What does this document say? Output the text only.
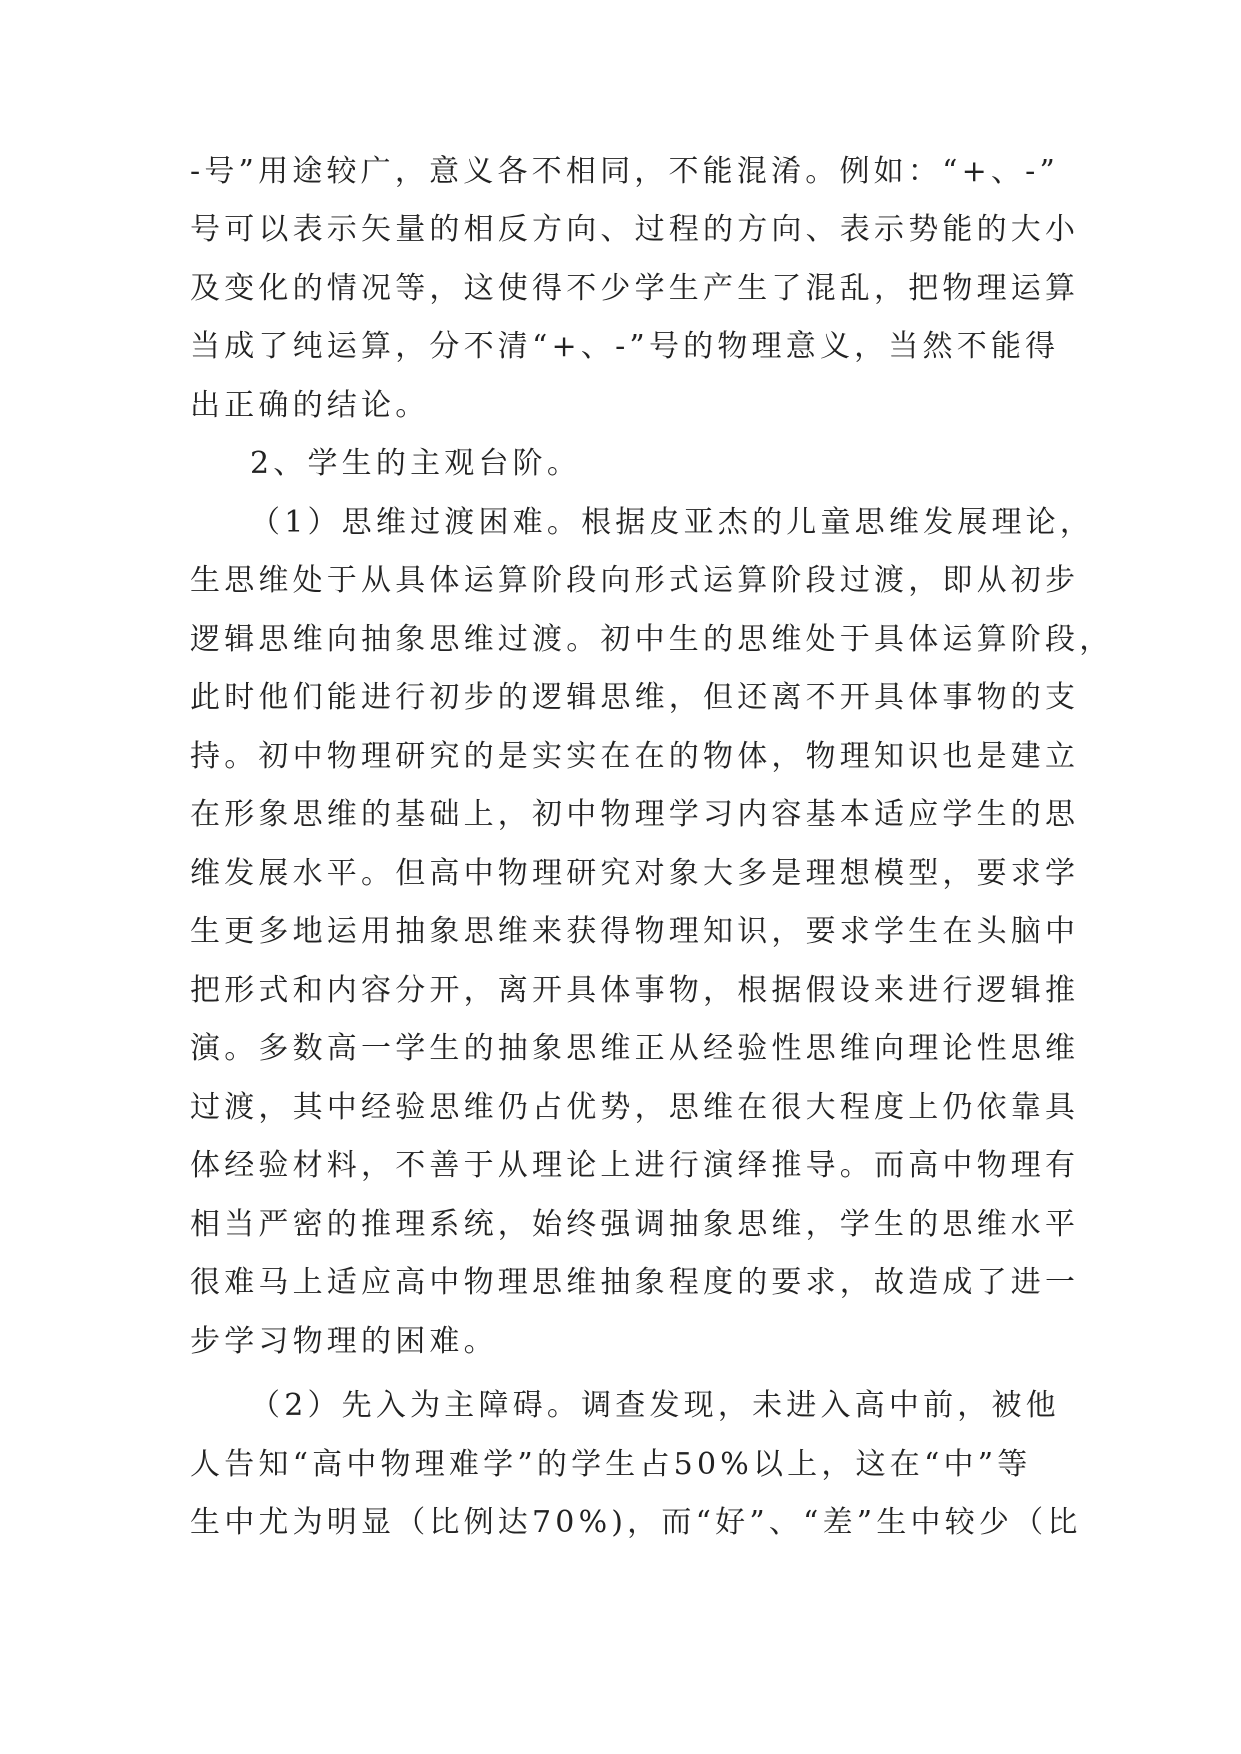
-号”用途较广，意义各不相同，不能混淆。例如：“+、-”
号可以表示矢量的相反方向、过程的方向、表示势能的大小
及变化的情况等，这使得不少学生产生了混乱，把物理运算
当成了纯运算，分不清“+、-”号的物理意义，当然不能得
出正确的结论。
2、学生的主观台阶。
（1）思维过渡困难。根据皮亚杰的儿童思维发展理论，
生思维处于从具体运算阶段向形式运算阶段过渡，即从初步
逻辑思维向抽象思维过渡。初中生的思维处于具体运算阶段，
此时他们能进行初步的逻辑思维，但还离不开具体事物的支
持。初中物理研究的是实实在在的物体，物理知识也是建立
在形象思维的基础上，初中物理学习内容基本适应学生的思
维发展水平。但高中物理研究对象大多是理想模型，要求学
生更多地运用抽象思维来获得物理知识，要求学生在头脑中
把形式和内容分开，离开具体事物，根据假设来进行逻辑推
演。多数高一学生的抽象思维正从经验性思维向理论性思维
过渡，其中经验思维仍占优势，思维在很大程度上仍依靠具
体经验材料，不善于从理论上进行演绎推导。而高中物理有
相当严密的推理系统，始终强调抽象思维，学生的思维水平
很难马上适应高中物理思维抽象程度的要求，故造成了进一
步学习物理的困难。
（2）先入为主障碍。调查发现，未进入高中前，被他
人告知“高中物理难学”的学生占50%以上，这在“中”等
生中尤为明显（比例达70%)，而“好”、“差”生中较少（比
